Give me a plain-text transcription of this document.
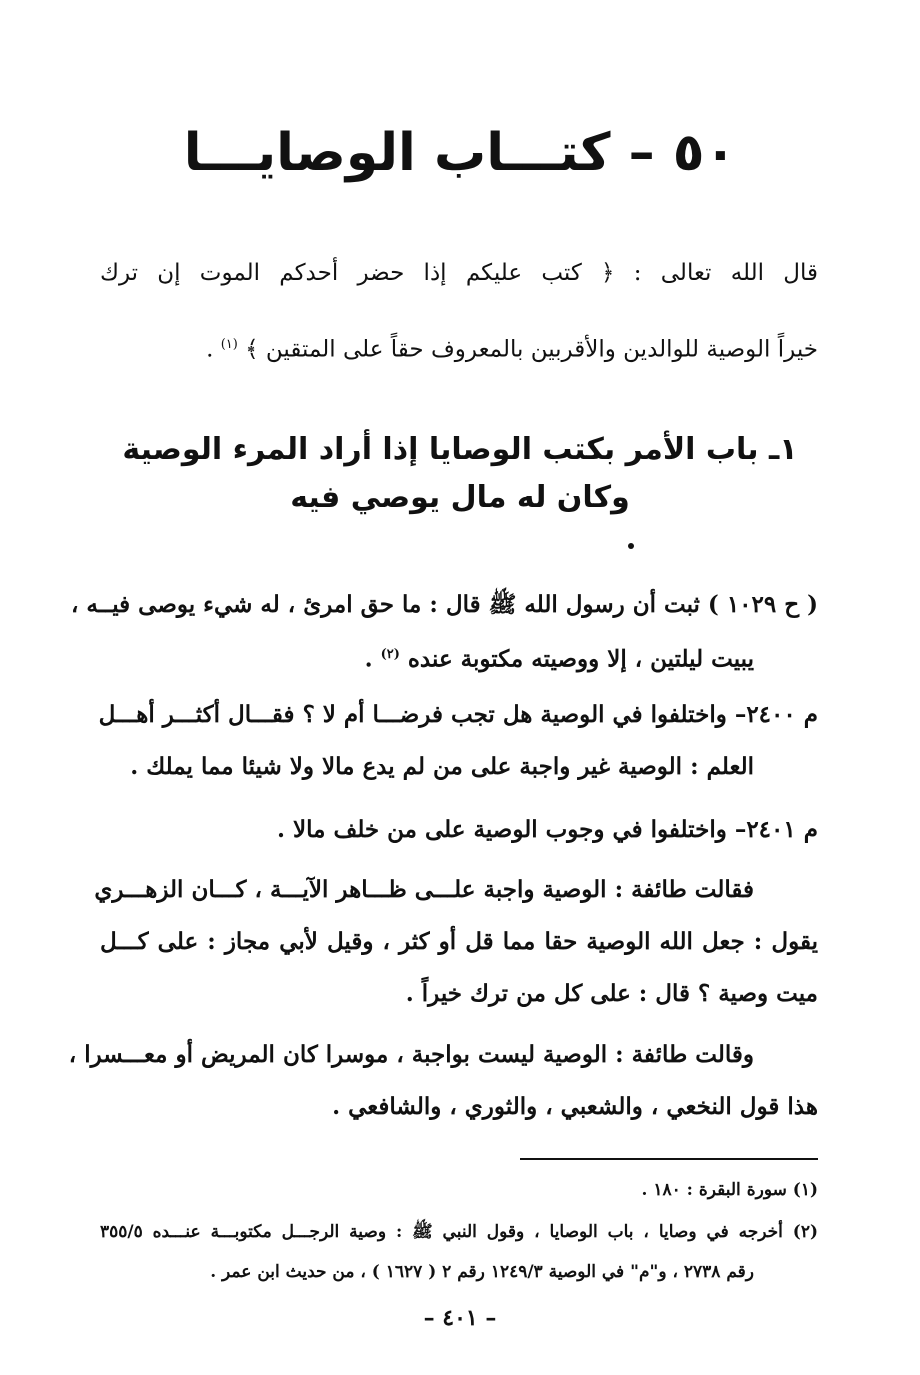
٥٠ – كتـــاب الوصايـــا
قال الله تعالى : ﴿ كتب عليكم إذا حضر أحدكم الموت إن ترك
خيراً الوصية للوالدين والأقربين بالمعروف حقاً على المتقين ﴾ $^{(١)}$ .
١ـ باب الأمر بكتب الوصايا إذا أراد المرء الوصية
وكان له مال يوصي فيه
( ح ١٠٢٩ ) ثبت أن رسول الله ﷺ قال : ما حق امرئ ، له شيء يوصى فيــه ،
يبيت ليلتين ، إلا ووصيته مكتوبة عنده $^{(٢)}$ .
م ٢٤٠٠– واختلفوا في الوصية هل تجب فرضـــا أم لا ؟ فقـــال أكثـــر أهـــل
العلم : الوصية غير واجبة على من لم يدع مالا ولا شيئا مما يملك .
م ٢٤٠١– واختلفوا في وجوب الوصية على من خلف مالا .
فقالت طائفة : الوصية واجبة علـــى ظـــاهر الآيـــة ، كـــان الزهـــري
يقول : جعل الله الوصية حقا مما قل أو كثر ، وقيل لأبي مجاز : على كـــل
ميت وصية ؟ قال : على كل من ترك خيراً .
وقالت طائفة : الوصية ليست بواجبة ، موسرا كان المريض أو معـــسرا ،
هذا قول النخعي ، والشعبي ، والثوري ، والشافعي .
(١) سورة البقرة : ١٨٠ .
(٢) أخرجه في وصايا ، باب الوصايا ، وقول النبي ﷺ : وصية الرجـــل مكتوبـــة عنـــده ٣٥٥/٥
رقم ٢٧٣٨ ، و"م" في الوصية ١٢٤٩/٣ رقم ٢ ( ١٦٢٧ ) ، من حديث ابن عمر .
– ٤٠١ –
